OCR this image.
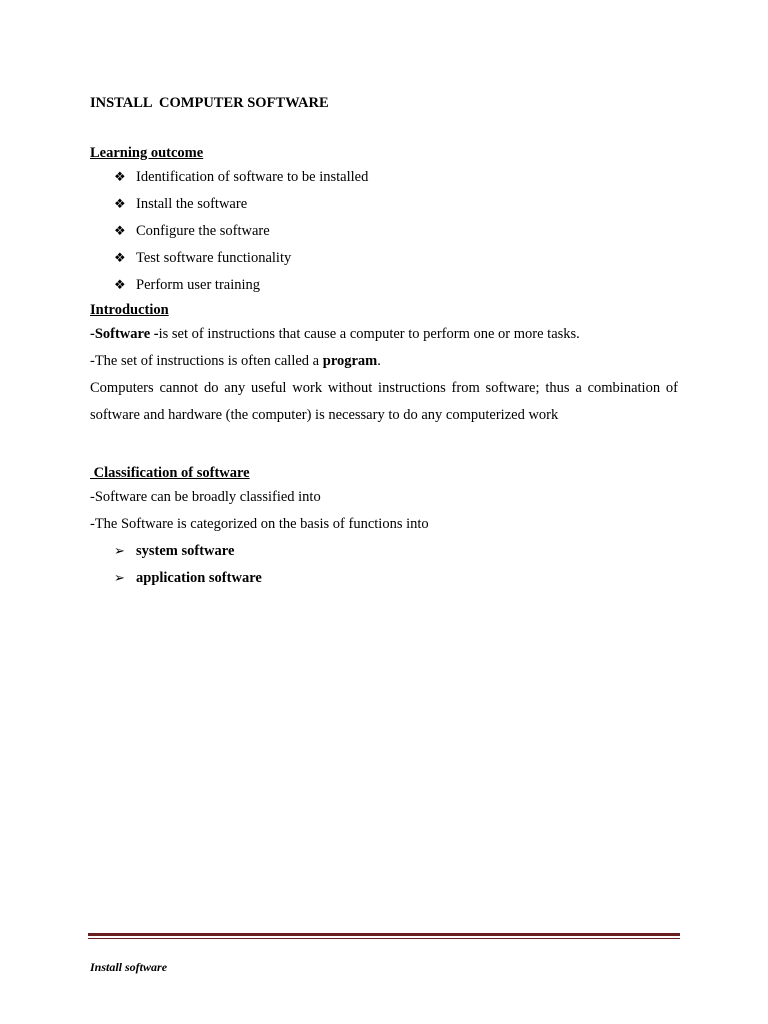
INSTALL  COMPUTER SOFTWARE
Learning outcome
❖ Identification of software to be installed
❖ Install the software
❖ Configure the software
❖ Test software functionality
❖ Perform user training
Introduction

-Software -is set of instructions that cause a computer to perform one or more tasks.

-The set of instructions is often called a program.

Computers cannot do any useful work without instructions from software; thus a combination of software and hardware (the computer) is necessary to do any computerized work

Classification of software

-Software can be broadly classified into

-The Software is categorized on the basis of functions into

➢ system software
➢ application software
Install software
